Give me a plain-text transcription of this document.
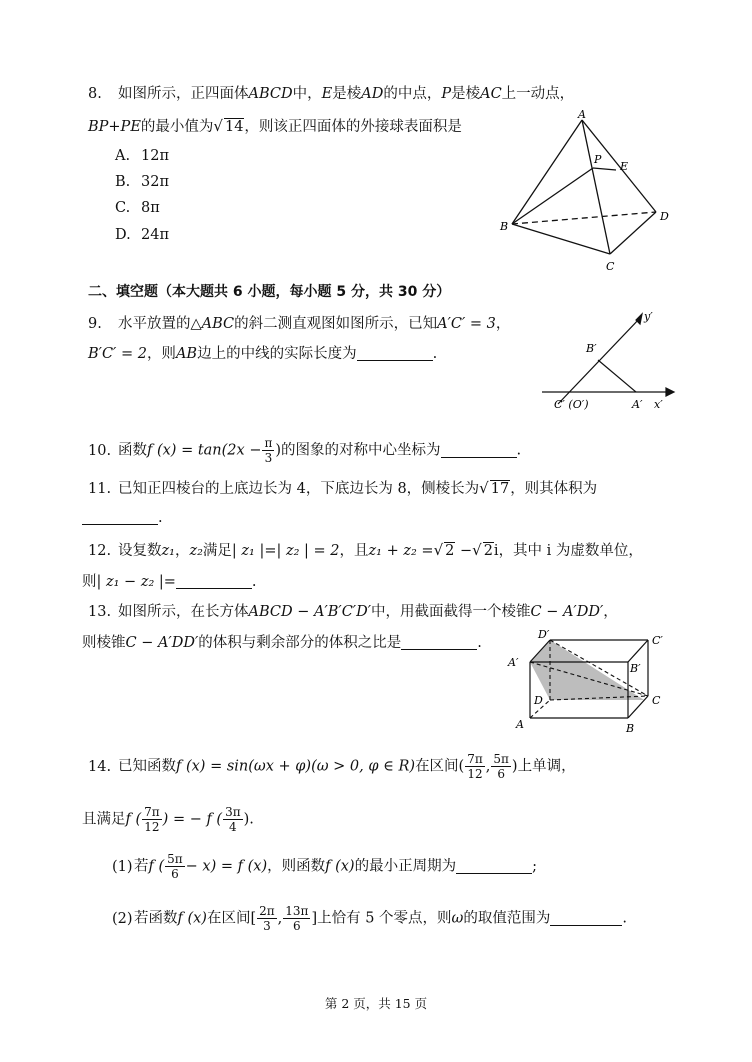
8. 如图所示，正四面体ABCD中，E是棱AD的中点，P是棱AC上一动点，
BP+PE的最小值为√ 14，则该正四面体的外接球表面积是
A. 12π
B. 32π
C. 8π
D. 24π
A
B
C
D
E
P
二、填空题（本大题共 6 小题，每小题 5 分，共 30 分）
9. 水平放置的△ABC的斜二测直观图如图所示，已知A′C′ = 3，
B′C′ = 2，则AB边上的中线的实际长度为	.
y′
B′
C′ (O′)	A′ x′
10. 函数f $(x) = \tan(2x - \frac{\pi}{3}$ )的图象的对称中心坐标为	.
11. 已知正四棱台的上底边长为 4，下底边长为 8，侧棱长为√ 17，则其体积为
.
12. 设复数z₁，z₂满足| z₁ |=| z₂ | = 2，且z₁ + z₂ =√ 2 −√ 2i，其中 i 为虚数单位，
则| z₁ − z₂ |=	.
13. 如图所示，在长方体ABCD − A′B′C′D′中，用截面截得一个棱锥C − A′DD′，
则棱锥C − A′DD′的体积与剩余部分的体积之比是	.
D′	C′
A′	B′
D	C
A	B
14. 已知函数f (x) = sin(ωx + φ)(ω > 0, φ ∈ R)在区间( $\frac{7\pi}{12}$ , $\frac{5\pi}{6}$ )上单调，
且满足f ( $\frac{7\pi}{12}$ ) = − f ( $\frac{3\pi}{4}$ ).
(1)若f ( $\frac{5\pi}{6} - x) = f$ (x)，则函数f (x)的最小正周期为	;
(2)若函数f (x)在区间[ $\frac{2\pi}{3}$ , $\frac{13\pi}{6}$ ]上恰有 5 个零点，则ω的取值范围为	.
第 2 页，共 15 页
